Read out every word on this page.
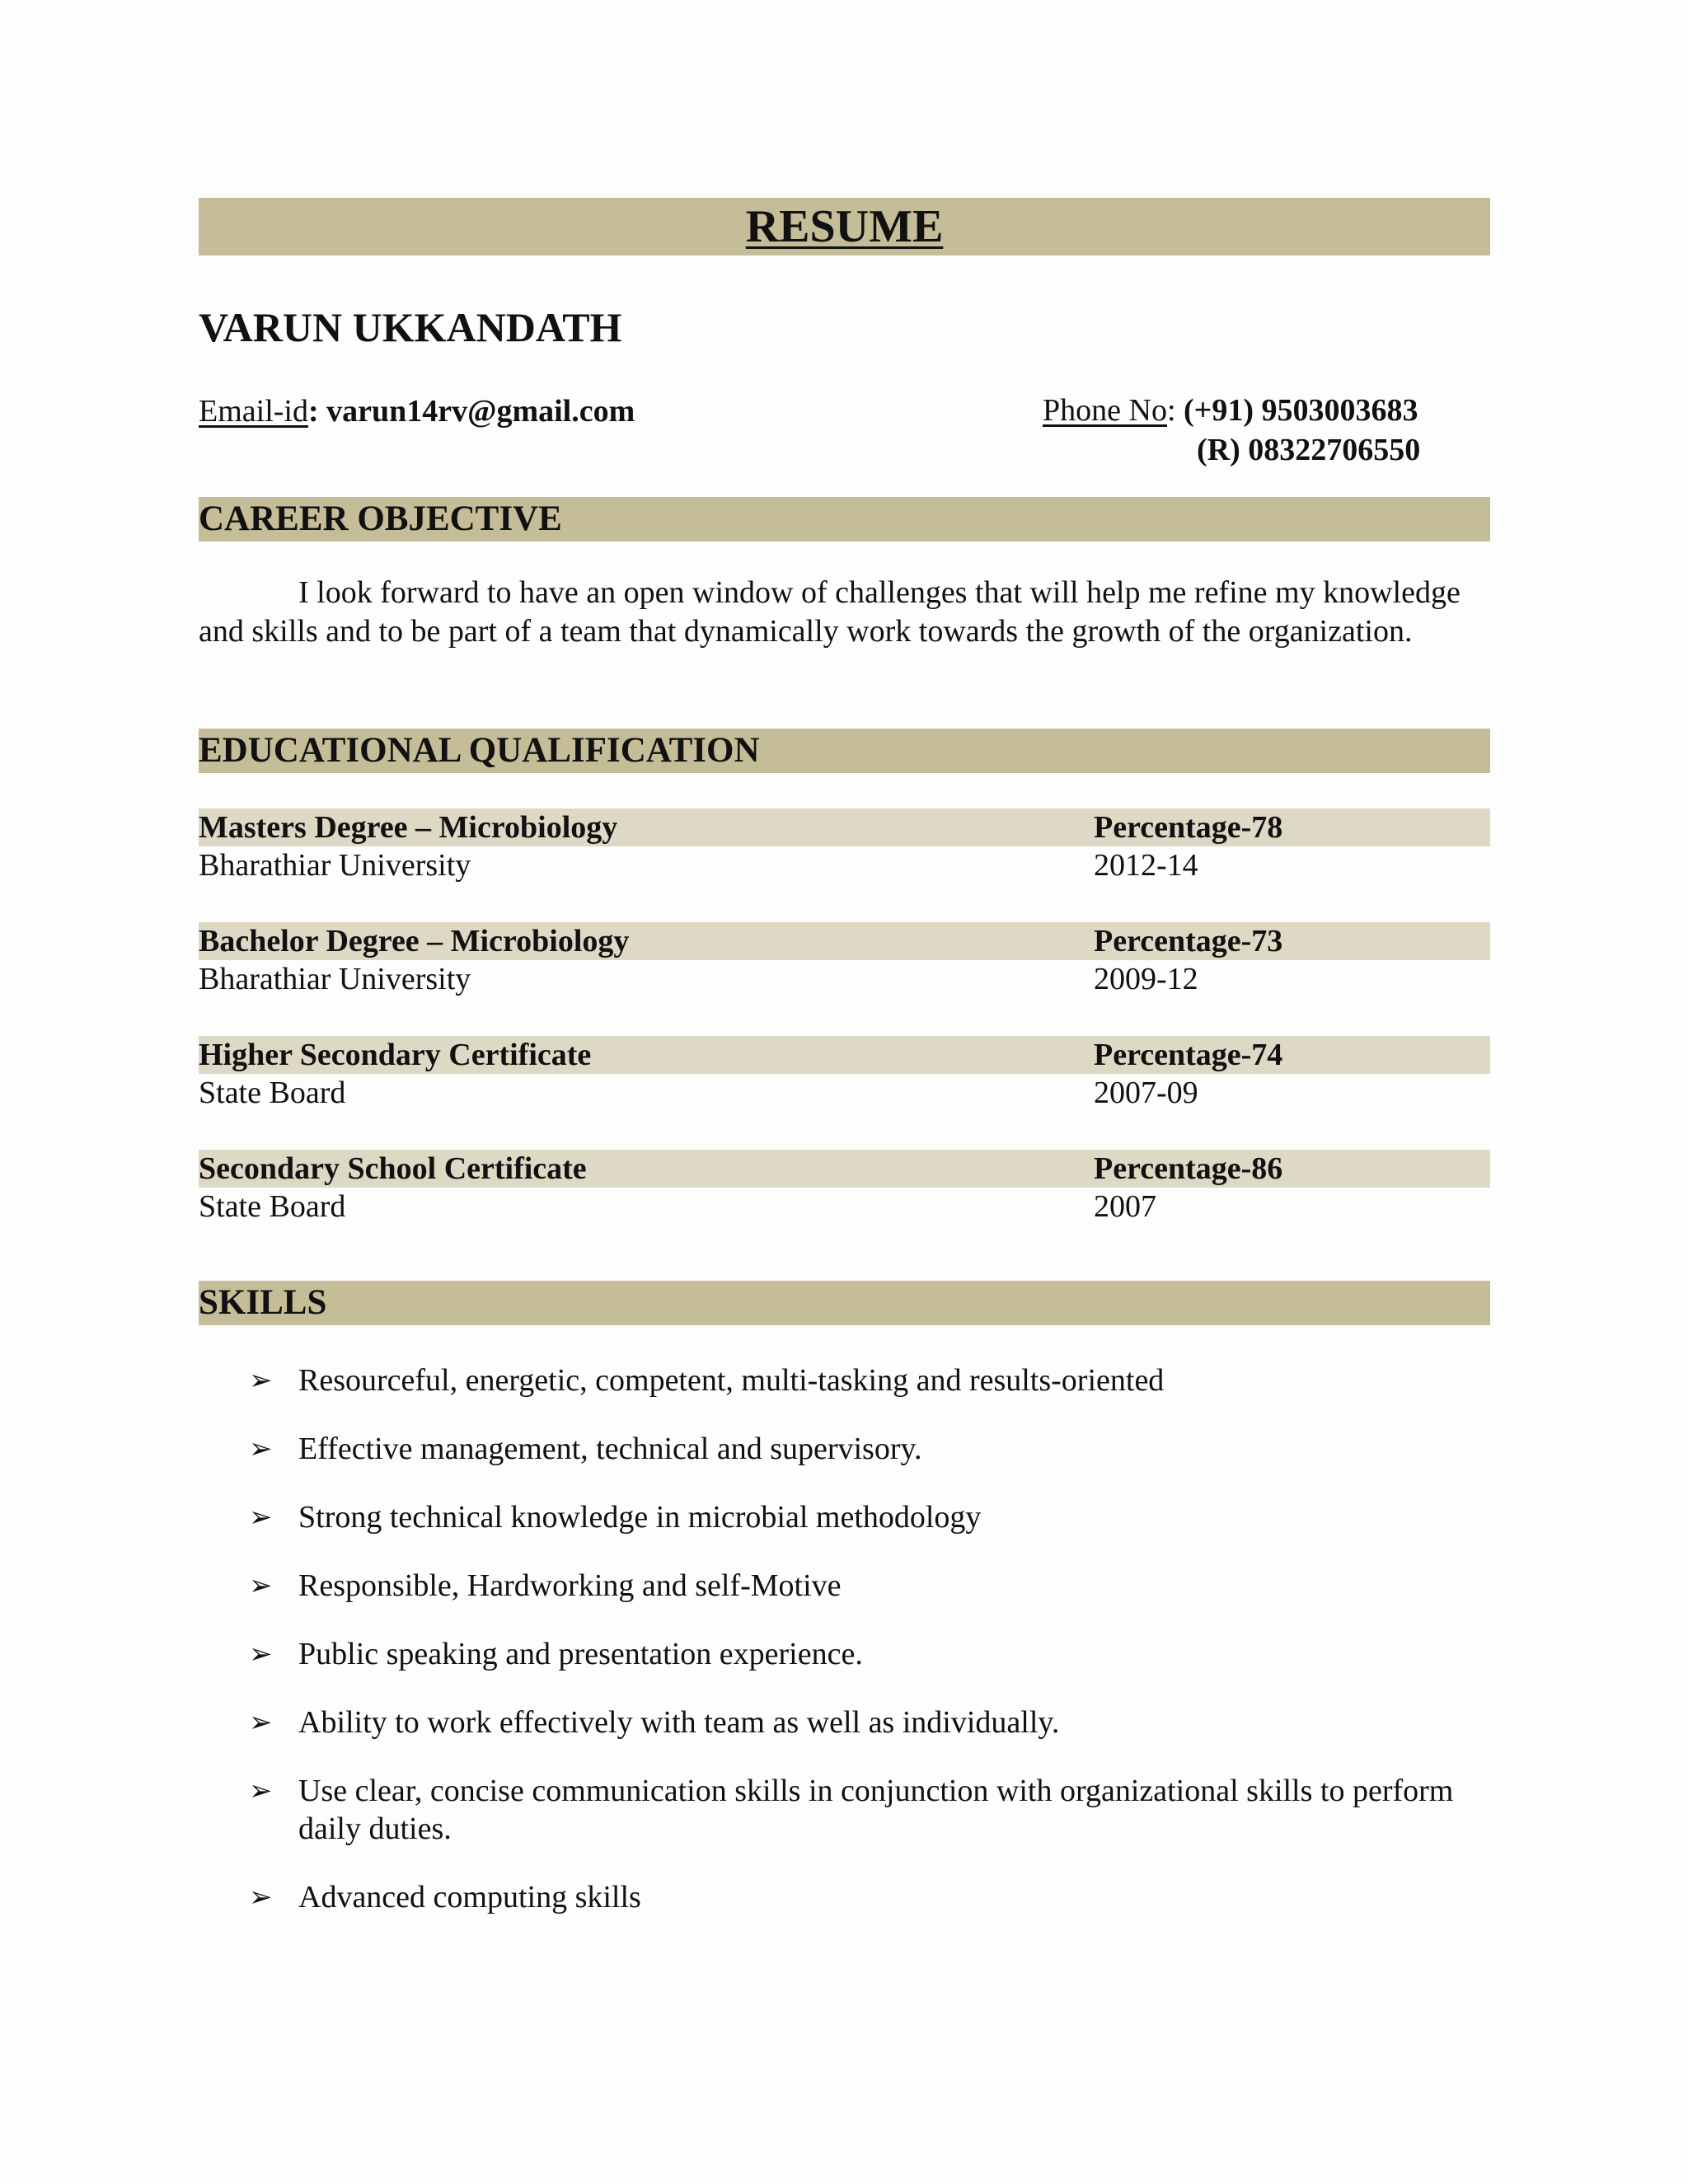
RESUME
VARUN UKKANDATH
Email-id: varun14rv@gmail.com	Phone No: (+91) 9503003683
(R) 08322706550
CAREER OBJECTIVE
I look forward to have an open window of challenges that will help me refine my knowledge and skills and to be part of a team that dynamically work towards the growth of the organization.
EDUCATIONAL QUALIFICATION
Masters Degree – Microbiology	Percentage-78
Bharathiar University	2012-14
Bachelor Degree – Microbiology	Percentage-73
Bharathiar University	2009-12
Higher Secondary Certificate	Percentage-74
State Board	2007-09
Secondary School Certificate	Percentage-86
State Board	2007
SKILLS
➢ Resourceful, energetic, competent, multi-tasking and results-oriented
➢ Effective management, technical and supervisory.
➢ Strong technical knowledge in microbial methodology
➢ Responsible, Hardworking and self-Motive
➢ Public speaking and presentation experience.
➢ Ability to work effectively with team as well as individually.
➢ Use clear, concise communication skills in conjunction with organizational skills to perform daily duties.
➢ Advanced computing skills
